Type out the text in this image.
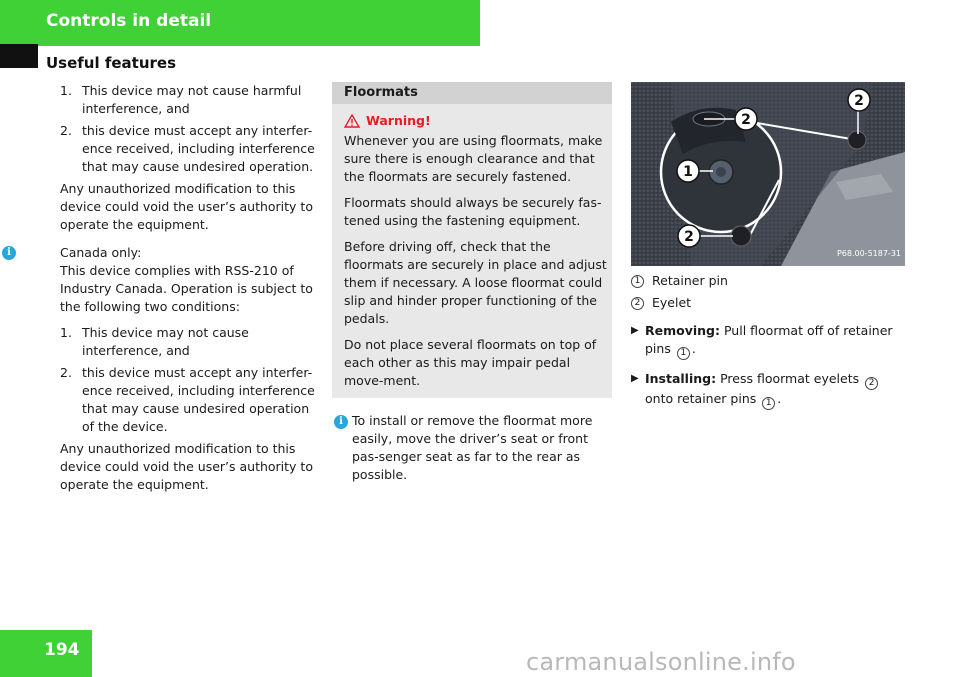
Controls in detail
Useful features
1. This device may not cause harmful interference, and
2. this device must accept any interfer-ence received, including interference that may cause undesired operation.
Any unauthorized modification to this device could void the user’s authority to operate the equipment.
i	Canada only:
This device complies with RSS-210 of Industry Canada. Operation is subject to the following two conditions:
1. This device may not cause interference, and
2. this device must accept any interfer-ence received, including interference that may cause undesired operation of the device.
Any unauthorized modification to this device could void the user’s authority to operate the equipment.
Floormats
Warning!
Whenever you are using floormats, make sure there is enough clearance and that the floormats are securely fastened.
Floormats should always be securely fas-tened using the fastening equipment.
Before driving off, check that the floormats are securely in place and adjust them if necessary. A loose floormat could slip and hinder proper functioning of the pedals.
Do not place several floormats on top of each other as this may impair pedal move-ment.
i To install or remove the floormat more easily, move the driver’s seat or front pas-senger seat as far to the rear as possible.
2
2
1
2
P68.00-5187-31
1 Retainer pin
2 Eyelet
▶ Removing: Pull floormat off of retainer pins 1 .
▶ Installing: Press floormat eyelets 2 onto retainer pins 1 .
194	carmanualsonline.info
